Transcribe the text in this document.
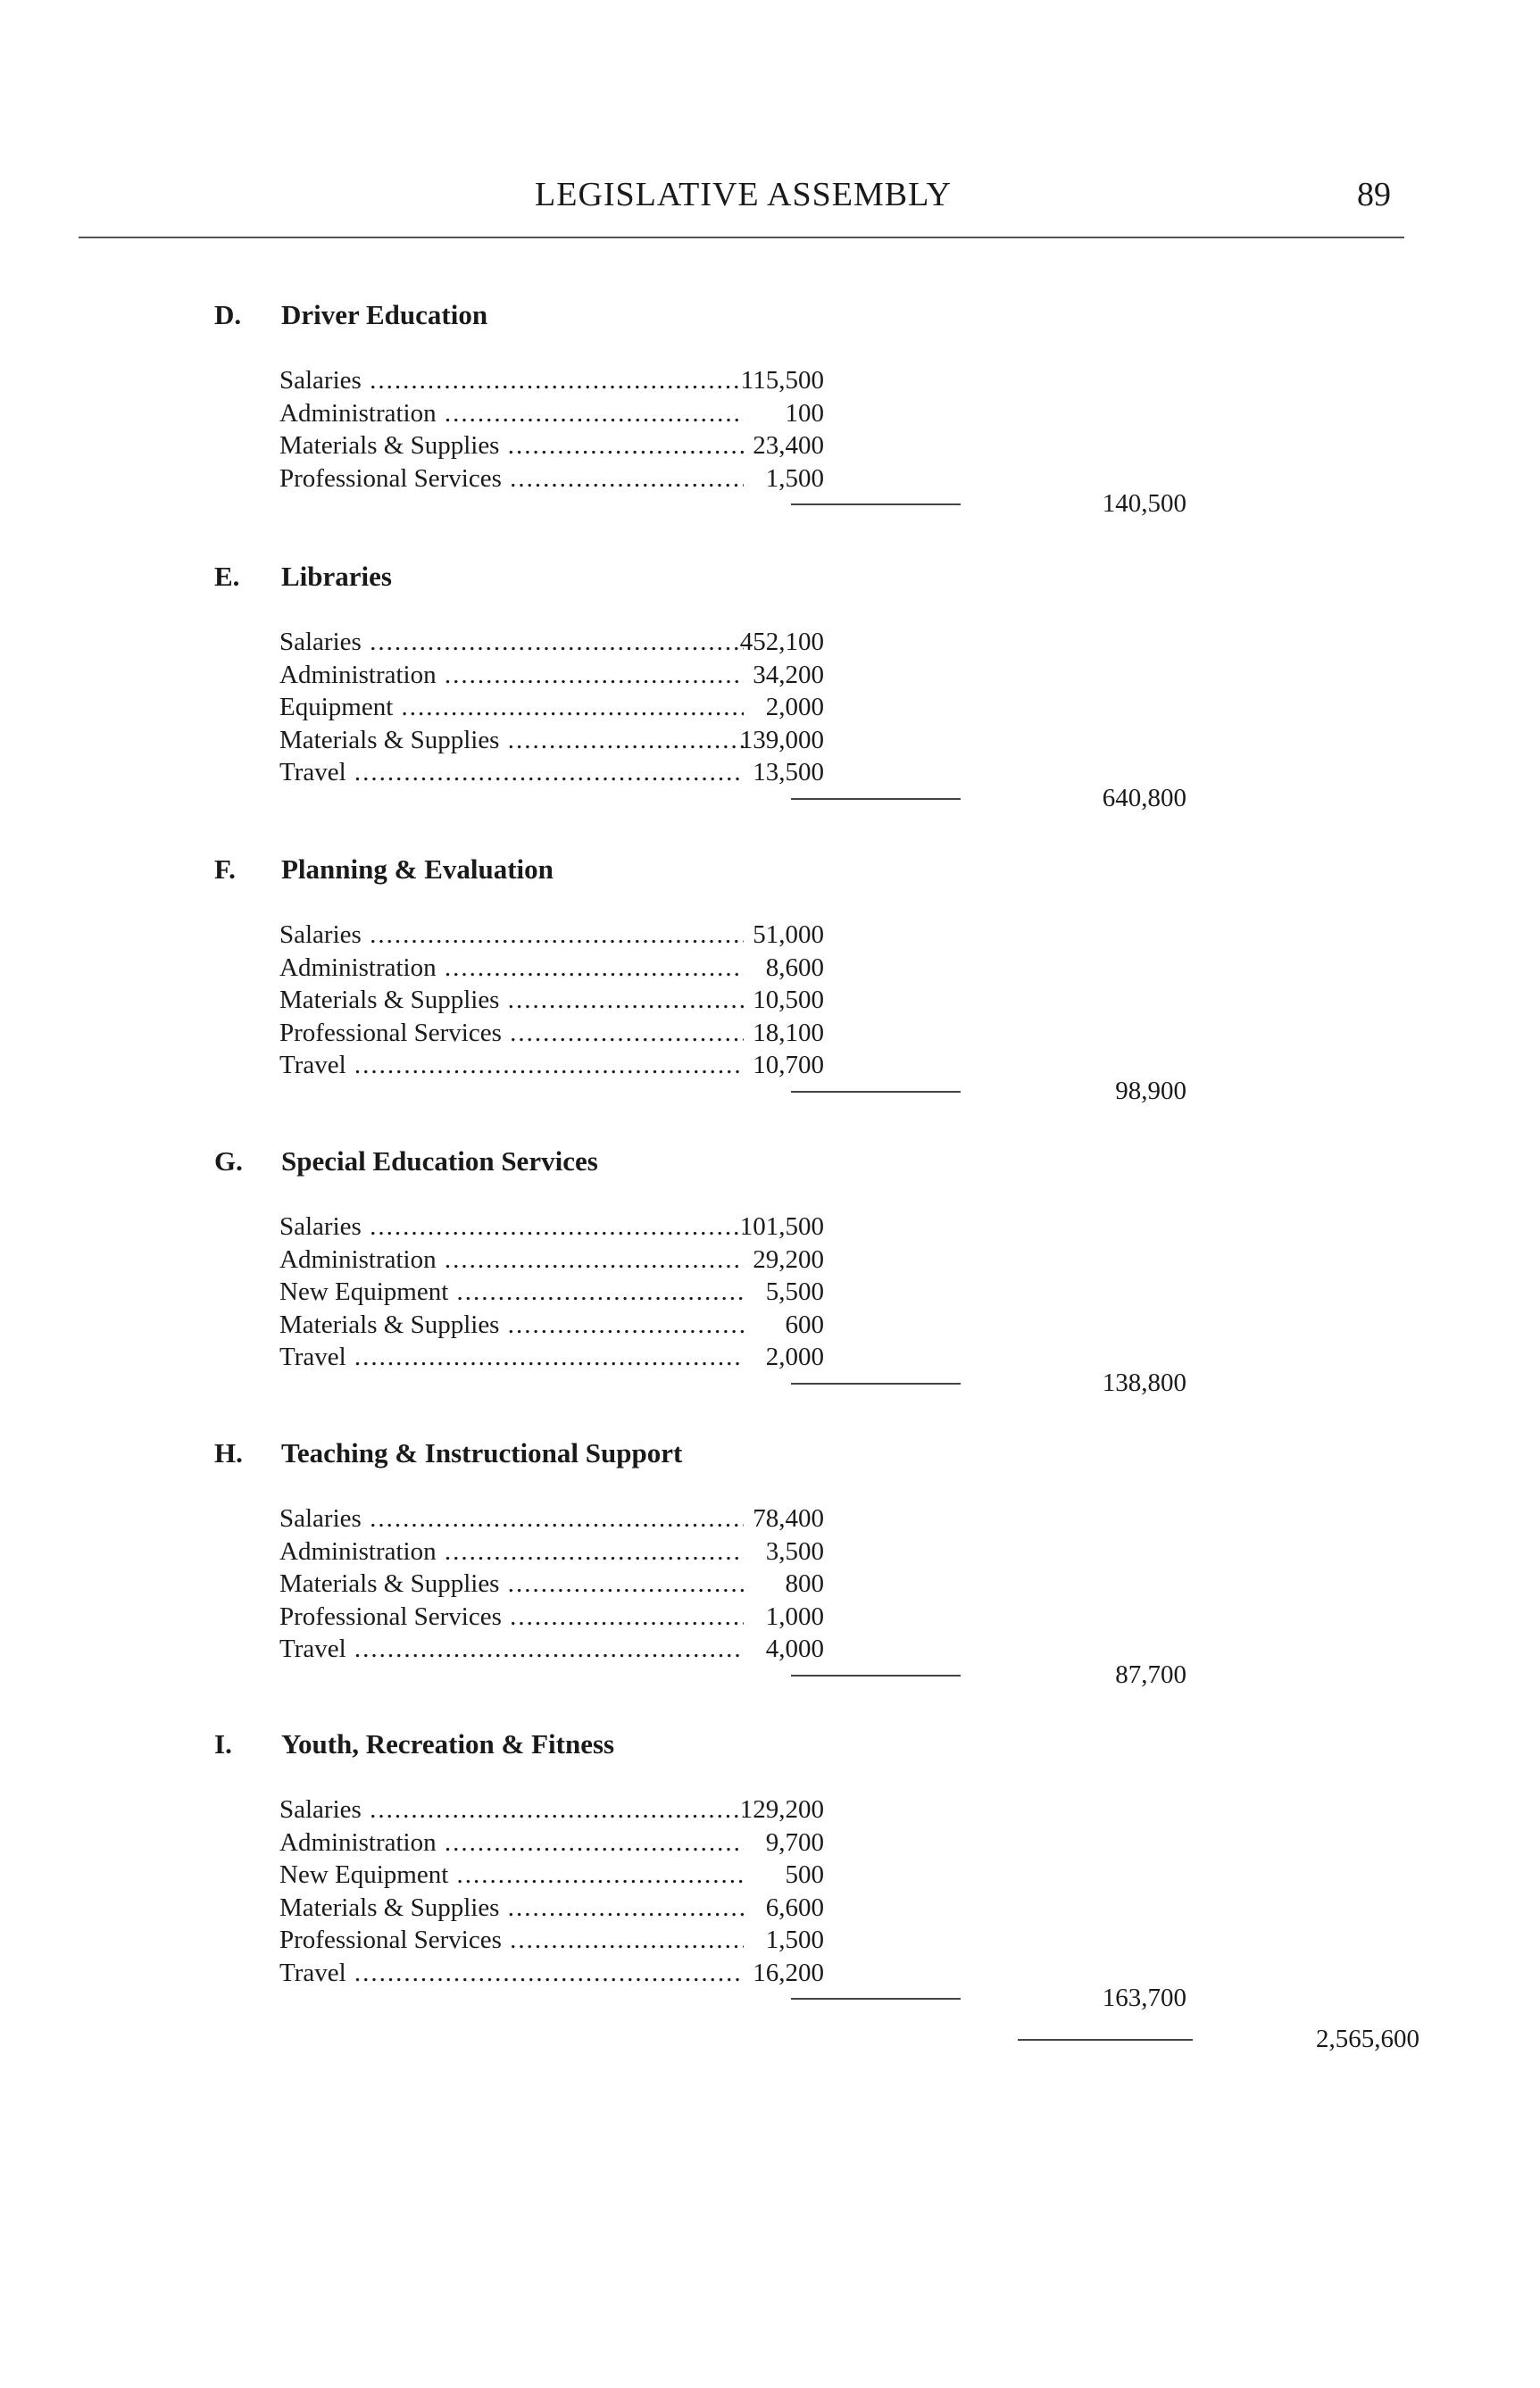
LEGISLATIVE ASSEMBLY	89
D. Driver Education
Salaries .....	115,500
Administration .....	100
Materials & Supplies .....	23,400
Professional Services .....	1,500
140,500
E. Libraries
Salaries .....	452,100
Administration .....	34,200
Equipment .....	2,000
Materials & Supplies .....	139,000
Travel .....	13,500
640,800
F. Planning & Evaluation
Salaries .....	51,000
Administration .....	8,600
Materials & Supplies .....	10,500
Professional Services .....	18,100
Travel .....	10,700
98,900
G. Special Education Services
Salaries .....	101,500
Administration .....	29,200
New Equipment .....	5,500
Materials & Supplies .....	600
Travel .....	2,000
138,800
H. Teaching & Instructional Support
Salaries .....	78,400
Administration .....	3,500
Materials & Supplies .....	800
Professional Services .....	1,000
Travel .....	4,000
87,700
I. Youth, Recreation & Fitness
Salaries .....	129,200
Administration .....	9,700
New Equipment .....	500
Materials & Supplies .....	6,600
Professional Services .....	1,500
Travel .....	16,200
163,700
2,565,600
